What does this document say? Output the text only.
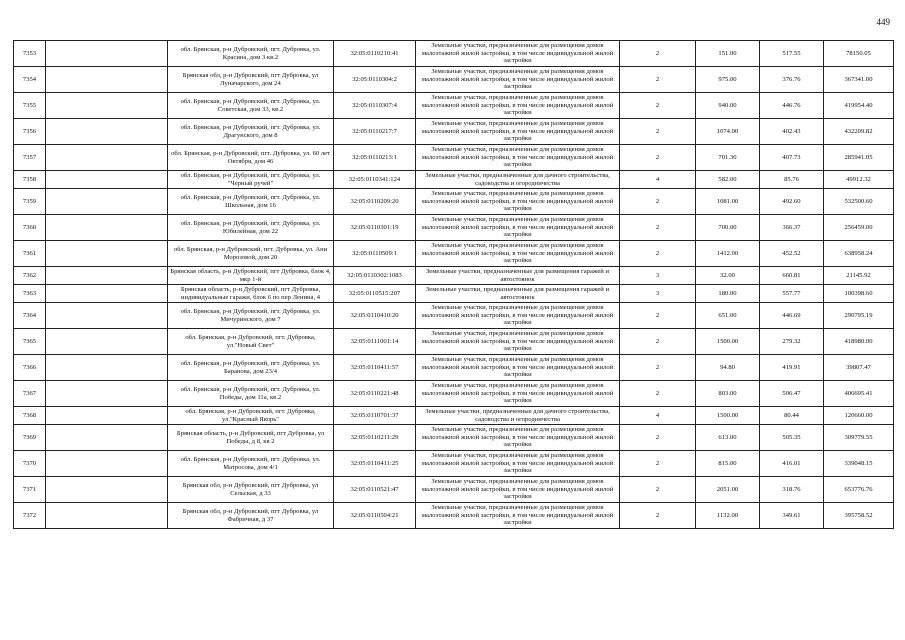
449
7353		обл. Брянская, р-н Дубровский, пгт. Дубровка, ул. Красина, дом 3 кв.2	32:05:0110210:41	Земельные участки, предназначенные для размещения домов малоэтажной жилой застройки, в том числе индивидуальной жилой застройки	2	151.00	517.55	78150.05
7354		Брянская обл, р-н Дубровский, пгт Дубровка, ул Луначарского, дом 24	32:05:0110304:2	Земельные участки, предназначенные для размещения домов малоэтажной жилой застройки, в том числе индивидуальной жилой застройки	2	975.00	376.76	367341.00
7355		обл. Брянская, р-н Дубровский, пгт. Дубровка, ул. Советская, дом 33, кв.2	32:05:0110307:4	Земельные участки, предназначенные для размещения домов малоэтажной жилой застройки, в том числе индивидуальной жилой застройки	2	940.00	446.76	419954.40
7356		обл. Брянская, р-н Дубровский, пгт. Дубровка, ул. Драгунского, дом 8	32:05:0110217:7	Земельные участки, предназначенные для размещения домов малоэтажной жилой застройки, в том числе индивидуальной жилой застройки	2	1074.00	402.43	432209.82
7357		обл. Брянская, р-н Дубровский, пгт. Дубровка, ул. 60 лет Октября, дом 46	32:05:0110213:1	Земельные участки, предназначенные для размещения домов малоэтажной жилой застройки, в том числе индивидуальной жилой застройки	2	701.30	407.73	285941.05
7358		обл. Брянская, р-н Дубровский, пгт. Дубровка, ул. "Черный ручей"	32:05:0110341:124	Земельные участки, предназначенные для дачного строительства, садоводства и огородничества	4	582.00	85.76	49912.32
7359		обл. Брянская, р-н Дубровский, пгт. Дубровка, ул. Школьная, дом 16	32:05:0110209:20	Земельные участки, предназначенные для размещения домов малоэтажной жилой застройки, в том числе индивидуальной жилой застройки	2	1081.00	492.60	532500.60
7360		обл. Брянская, р-н Дубровский, пгт. Дубровка, ул. Юбилейная, дом 22	32:05:0110301:19	Земельные участки, предназначенные для размещения домов малоэтажной жилой застройки, в том числе индивидуальной жилой застройки	2	700.00	366.37	256459.00
7361		обл. Брянская, р-н Дубровский, пгт. Дубровка, ул. Ани Морозовой, дом 20	32:05:0110509:1	Земельные участки, предназначенные для размещения домов малоэтажной жилой застройки, в том числе индивидуальной жилой застройки	2	1412.00	452.52	638958.24
7362		Брянская область, р-н Дубровский, пгт Дубровка, блок 4, мкр 1-й	32:05:0110302:1083	Земельные участки, предназначенные для размещения гаражей и автостоянок	3	32.00	660.81	21145.92
7363		Брянская область, р-н Дубровский, пгт Дубровка, индивидуальные гаражи, блок 6 по пер Ленина, 4	32:05:0110515:207	Земельные участки, предназначенные для размещения гаражей и автостоянок	3	180.00	557.77	100398.60
7364		обл. Брянская, р-н Дубровский, пгт. Дубровка, ул. Мичуринского, дом 7	32:05:0110410:20	Земельные участки, предназначенные для размещения домов малоэтажной жилой застройки, в том числе индивидуальной жилой застройки	2	651.00	446.69	290795.19
7365		обл. Брянская, р-н Дубровский, пгт. Дубровка, ул."Новый Свет"	32:05:0111001:14	Земельные участки, предназначенные для размещения домов малоэтажной жилой застройки, в том числе индивидуальной жилой застройки	2	1500.00	279.32	418980.00
7366		обл. Брянская, р-н Дубровский, пгт. Дубровка, ул. Баранова, дом 23/4	32:05:0110411:57	Земельные участки, предназначенные для размещения домов малоэтажной жилой застройки, в том числе индивидуальной жилой застройки	2	94.80	419.91	39807.47
7367		обл. Брянская, р-н Дубровский, пгт. Дубровка, ул. Победы, дом 11а, кв.2	32:05:0110221:48	Земельные участки, предназначенные для размещения домов малоэтажной жилой застройки, в том числе индивидуальной жилой застройки	2	803.00	506.47	406695.41
7368		обл. Брянская, р-н Дубровский, пгт. Дубровка, ул."Красный Якорь"	32:05:0110701:37	Земельные участки, предназначенные для дачного строительства, садоводства и огородничества	4	1500.00	80.44	120660.00
7369		Брянская область, р-н Дубровский, пгт Дубровка, ул Победы, д 8, кв 2	32:05:0110211:29	Земельные участки, предназначенные для размещения домов малоэтажной жилой застройки, в том числе индивидуальной жилой застройки	2	613.00	505.35	309779.55
7370		обл. Брянская, р-н Дубровский, пгт. Дубровка, ул. Матросова, дом 4/1	32:05:0110411:25	Земельные участки, предназначенные для размещения домов малоэтажной жилой застройки, в том числе индивидуальной жилой застройки	2	815.00	416.01	339048.15
7371		Брянская обл, р-н Дубровский, пгт Дубровка, ул Сельская, д 33	32:05:0110521:47	Земельные участки, предназначенные для размещения домов малоэтажной жилой застройки, в том числе индивидуальной жилой застройки	2	2051.00	318.76	653776.76
7372		Брянская обл, р-н Дубровский, пгт Дубровка, ул Фабричная, д 37	32:05:0110504:21	Земельные участки, предназначенные для размещения домов малоэтажной жилой застройки, в том числе индивидуальной жилой застройки	2	1132.00	349.61	395758.52
